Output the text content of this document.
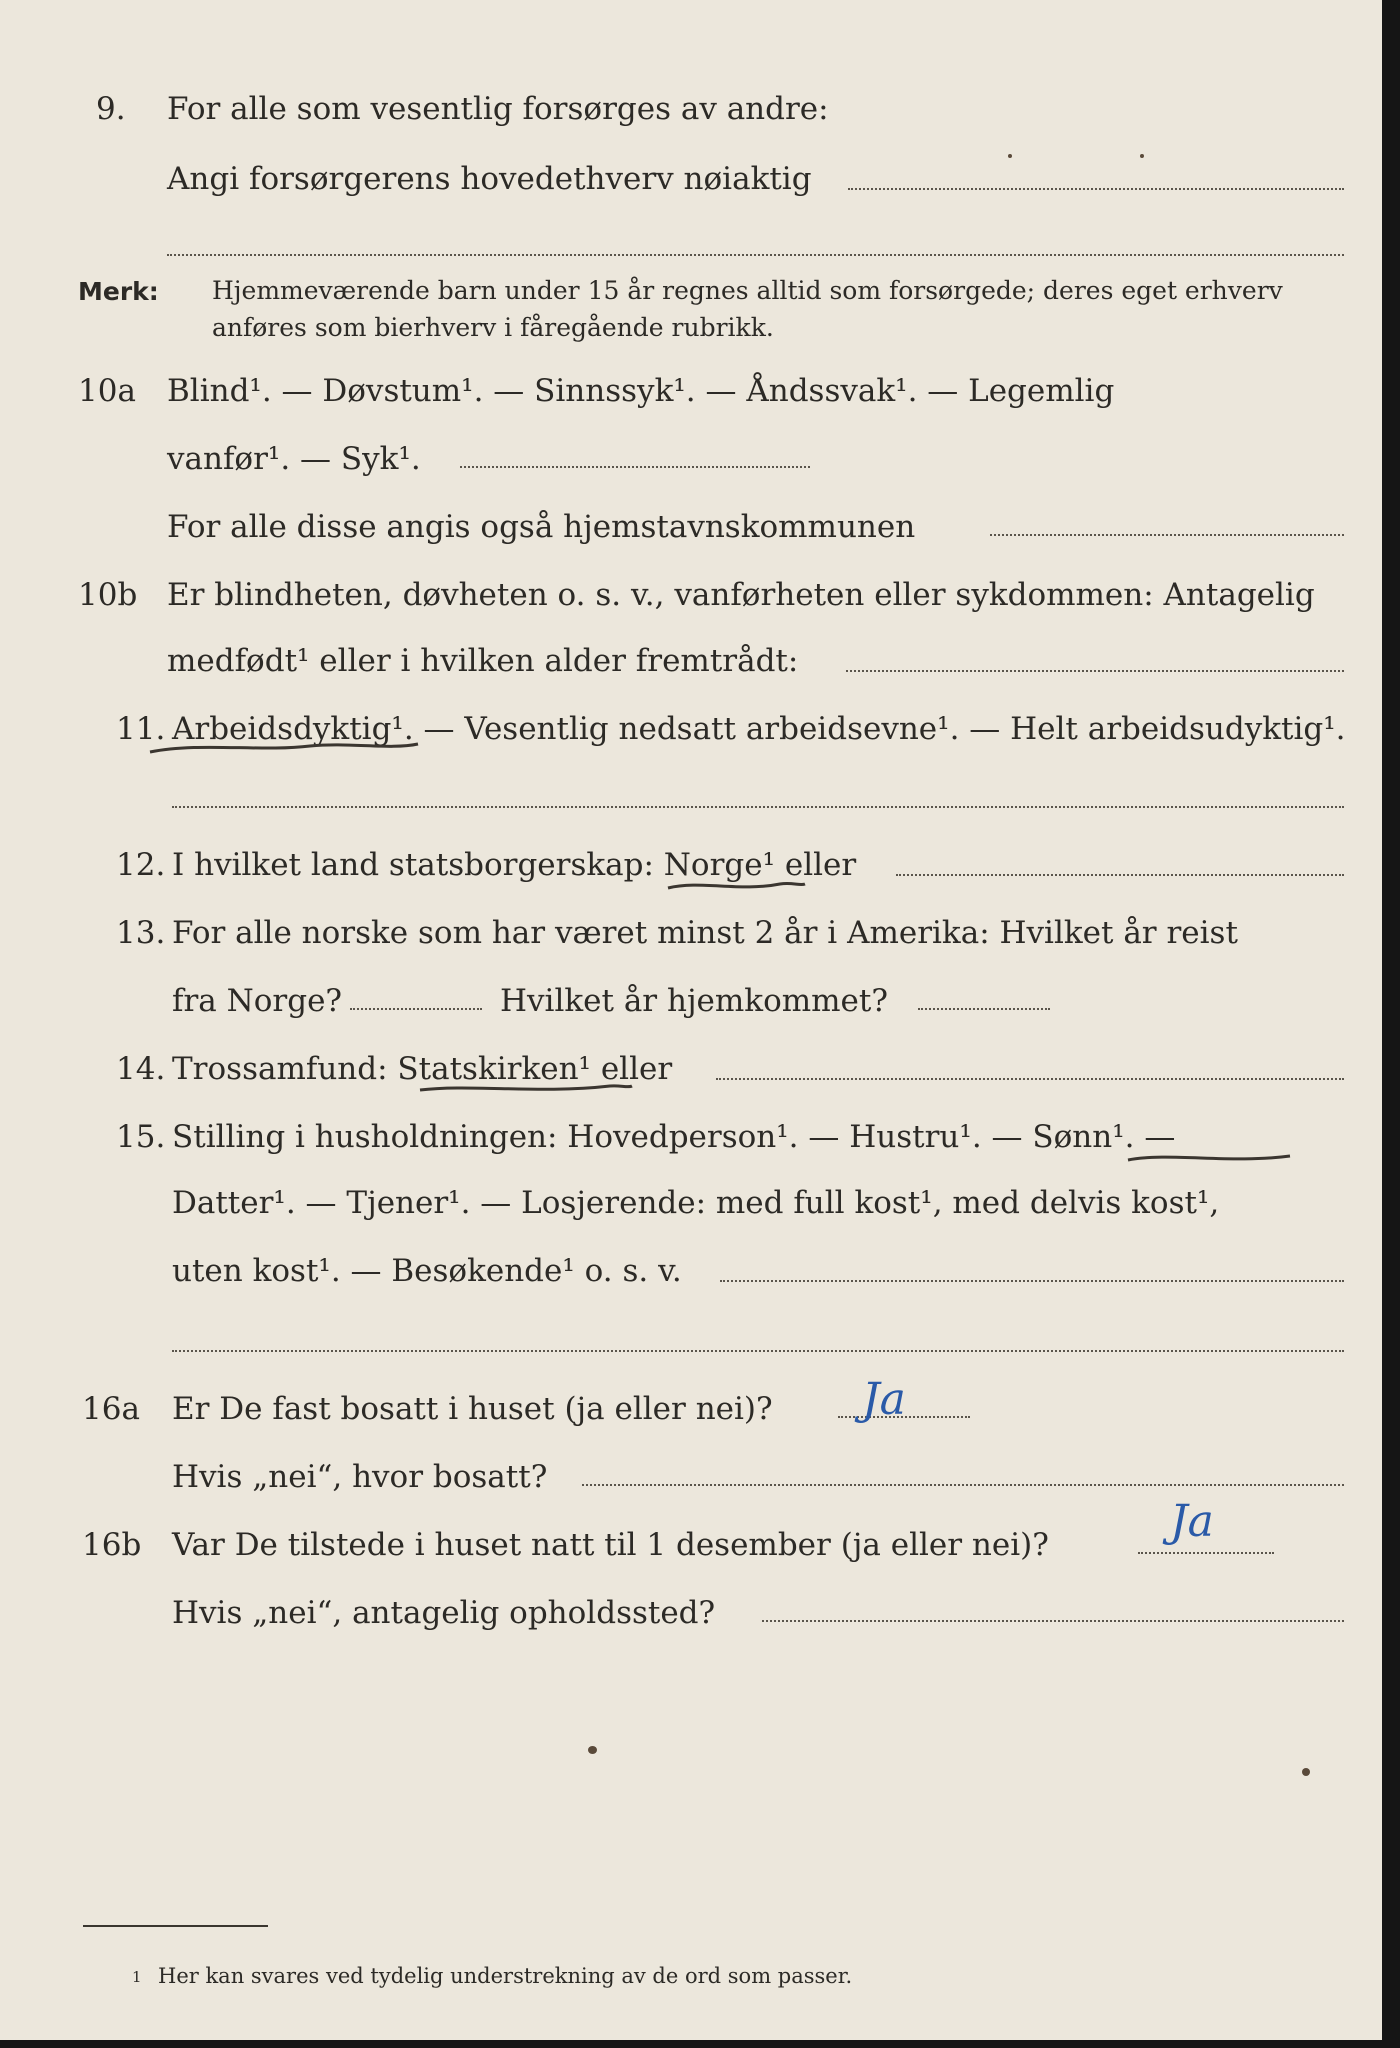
9. For alle som vesentlig forsørges av andre:
Angi forsørgerens hovedethverv nøiaktig
Merk: Hjemmeværende barn under 15 år regnes alltid som forsørgede; deres eget erhverv
anføres som bierhverv i fåregående rubrikk.
10a Blind¹. — Døvstum¹. — Sinnssyk¹. — Åndssvak¹. — Legemlig
vanfør¹. — Syk¹.
For alle disse angis også hjemstavnskommunen
10b Er blindheten, døvheten o. s. v., vanførheten eller sykdommen: Antagelig
medfødt¹ eller i hvilken alder fremtrådt:
11. Arbeidsdyktig¹. — Vesentlig nedsatt arbeidsevne¹. — Helt arbeidsudyktig¹.
12. I hvilket land statsborgerskap: Norge¹ eller
13. For alle norske som har været minst 2 år i Amerika: Hvilket år reist
fra Norge?	Hvilket år hjemkommet?
14. Trossamfund: Statskirken¹ eller
15. Stilling i husholdningen: Hovedperson¹. — Hustru¹. — Sønn¹. —
Datter¹. — Tjener¹. — Losjerende: med full kost¹, med delvis kost¹,
uten kost¹. — Besøkende¹ o. s. v.
16a Er De fast bosatt i huset (ja eller nei)? Ja
Hvis „nei“, hvor bosatt?
16b Var De tilstede i huset natt til 1 desember (ja eller nei)?	Ja
Hvis „nei“, antagelig opholdssted?
1 Her kan svares ved tydelig understrekning av de ord som passer.
